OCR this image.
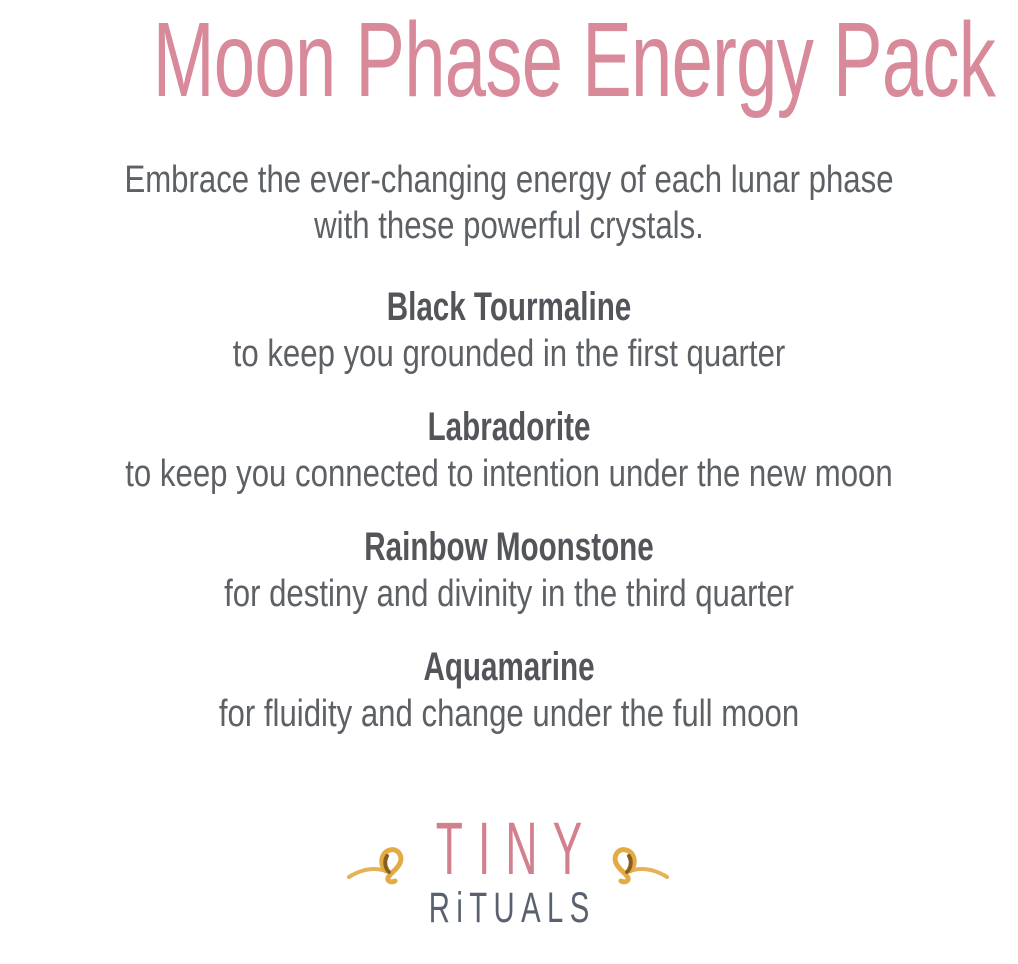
Moon Phase Energy Pack
Embrace the ever-changing energy of each lunar phase
with these powerful crystals.
Black Tourmaline

to keep you grounded in the first quarter

Labradorite

to keep you connected to intention under the new moon

Rainbow Moonstone

for destiny and divinity in the third quarter

Aquamarine

for fluidity and change under the full moon

TINY
RiTUALS
